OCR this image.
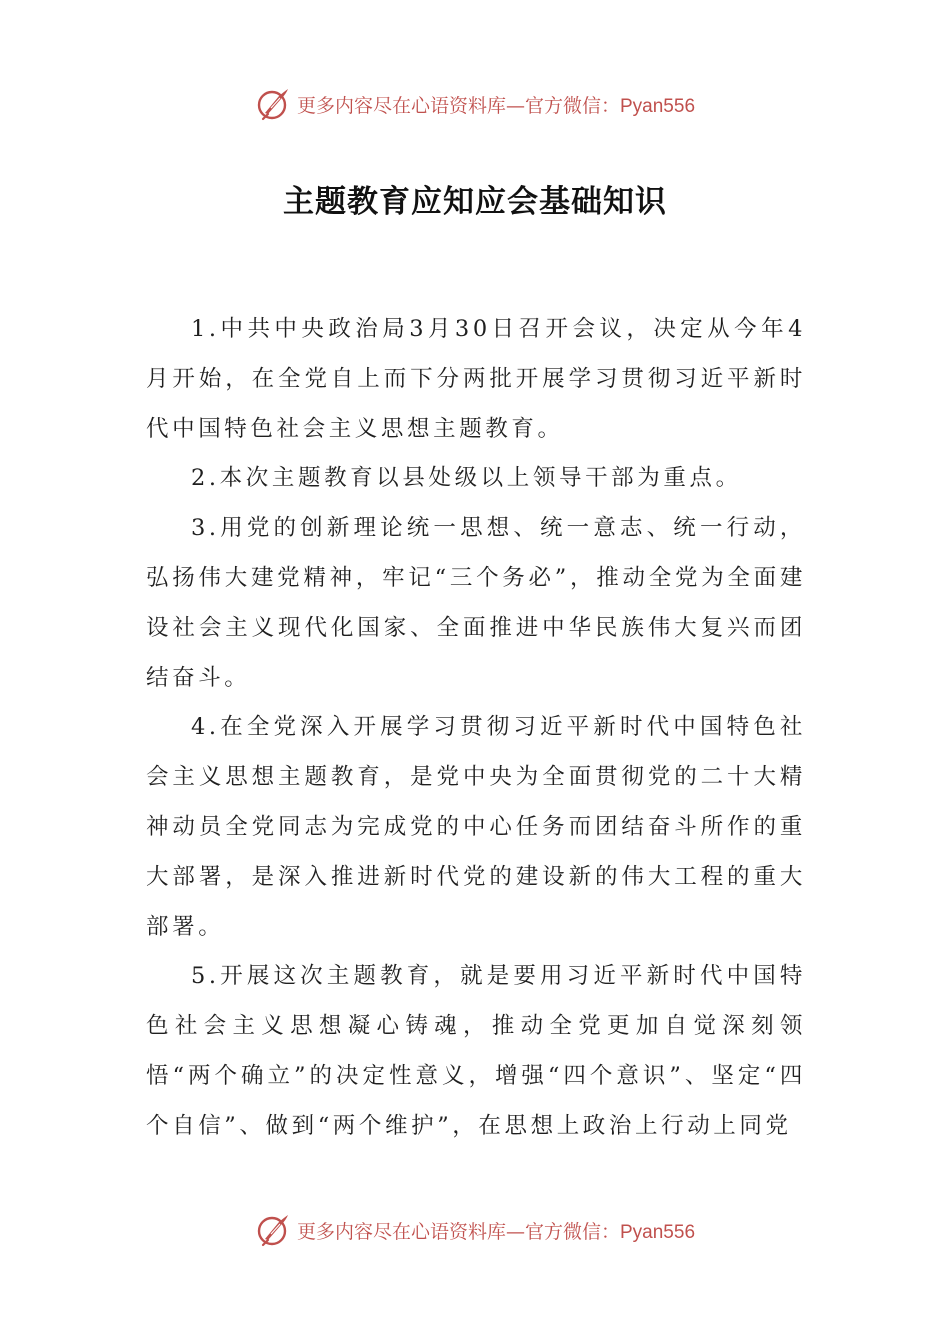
更多内容尽在心语资料库—官方微信：Pyan556
主题教育应知应会基础知识

1.中共中央政治局3月30日召开会议，决定从今年4月开始，在全党自上而下分两批开展学习贯彻习近平新时代中国特色社会主义思想主题教育。

2.本次主题教育以县处级以上领导干部为重点。

3.用党的创新理论统一思想、统一意志、统一行动，弘扬伟大建党精神，牢记“三个务必”，推动全党为全面建设社会主义现代化国家、全面推进中华民族伟大复兴而团结奋斗。

4.在全党深入开展学习贯彻习近平新时代中国特色社会主义思想主题教育，是党中央为全面贯彻党的二十大精神动员全党同志为完成党的中心任务而团结奋斗所作的重大部署，是深入推进新时代党的建设新的伟大工程的重大部署。

5.开展这次主题教育，就是要用习近平新时代中国特色社会主义思想凝心铸魂，推动全党更加自觉深刻领悟“两个确立”的决定性意义，增强“四个意识”、坚定“四个自信”、做到“两个维护”，在思想上政治上行动上同党

更多内容尽在心语资料库—官方微信：Pyan556
